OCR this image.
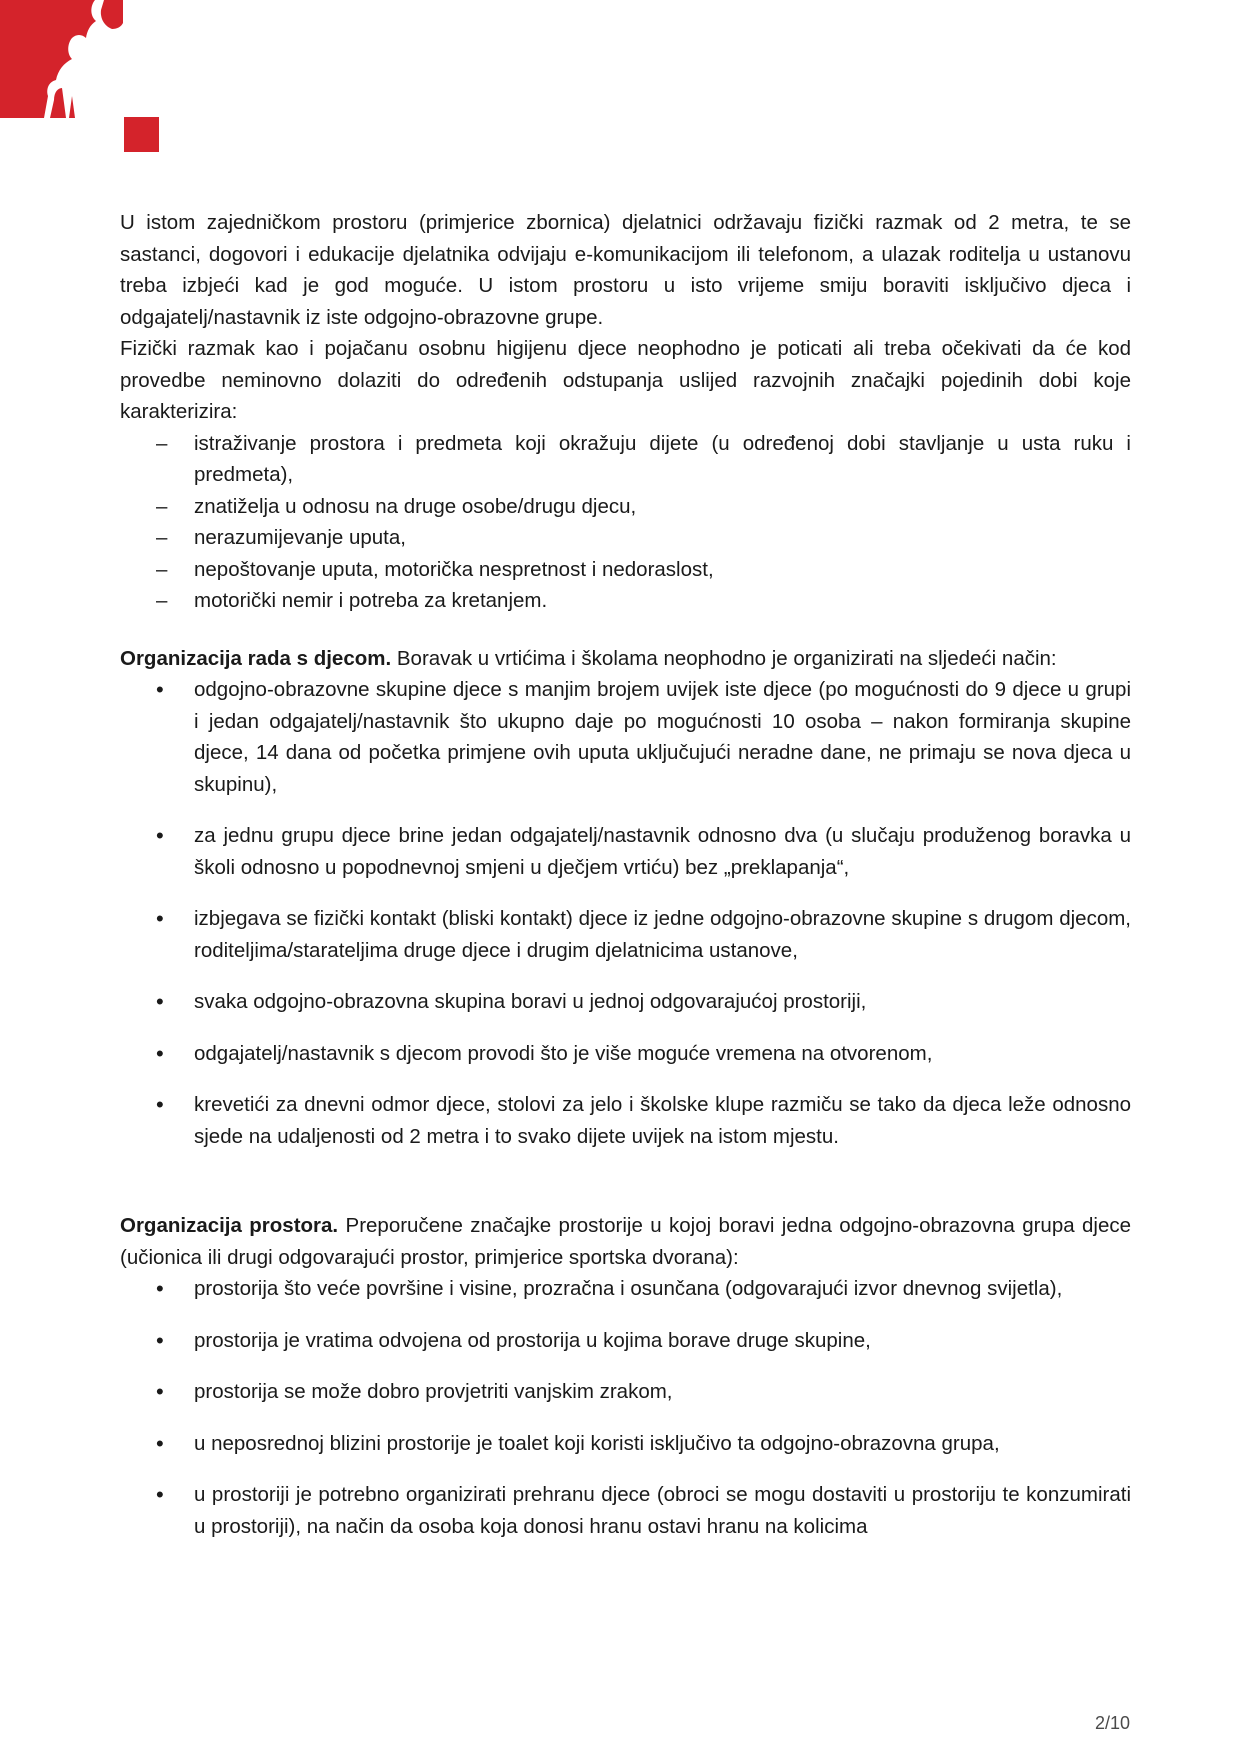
U istom zajedničkom prostoru (primjerice zbornica) djelatnici održavaju fizički razmak od 2 metra, te se sastanci, dogovori i edukacije djelatnika odvijaju e-komunikacijom ili telefonom, a ulazak roditelja u ustanovu treba izbjeći kad je god moguće. U istom prostoru u isto vrijeme smiju boraviti isključivo djeca i odgajatelj/nastavnik iz iste odgojno-obrazovne grupe.

Fizički razmak kao i pojačanu osobnu higijenu djece neophodno je poticati ali treba očekivati da će kod provedbe neminovno dolaziti do određenih odstupanja uslijed razvojnih značajki pojedinih dobi koje karakterizira:

– istraživanje prostora i predmeta koji okražuju dijete (u određenoj dobi stavljanje u usta ruku i predmeta),
– znatiželja u odnosu na druge osobe/drugu djecu,
– nerazumijevanje uputa,
– nepoštovanje uputa, motorička nespretnost i nedoraslost,
– motorički nemir i potreba za kretanjem.

Organizacija rada s djecom. Boravak u vrtićima i školama neophodno je organizirati na sljedeći način:

• odgojno-obrazovne skupine djece s manjim brojem uvijek iste djece (po mogućnosti do 9 djece u grupi i jedan odgajatelj/nastavnik što ukupno daje po mogućnosti 10 osoba – nakon formiranja skupine djece, 14 dana od početka primjene ovih uputa uključujući neradne dane, ne primaju se nova djeca u skupinu),
• za jednu grupu djece brine jedan odgajatelj/nastavnik odnosno dva (u slučaju produženog boravka u školi odnosno u popodnevnoj smjeni u dječjem vrtiću) bez „preklapanja“,
• izbjegava se fizički kontakt (bliski kontakt) djece iz jedne odgojno-obrazovne skupine s drugom djecom, roditeljima/starateljima druge djece i drugim djelatnicima ustanove,
• svaka odgojno-obrazovna skupina boravi u jednoj odgovarajućoj prostoriji,
• odgajatelj/nastavnik s djecom provodi što je više moguće vremena na otvorenom,
• krevetići za dnevni odmor djece, stolovi za jelo i školske klupe razmiču se tako da djeca leže odnosno sjede na udaljenosti od 2 metra i to svako dijete uvijek na istom mjestu.

Organizacija prostora. Preporučene značajke prostorije u kojoj boravi jedna odgojno-obrazovna grupa djece (učionica ili drugi odgovarajući prostor, primjerice sportska dvorana):

• prostorija što veće površine i visine, prozračna i osunčana (odgovarajući izvor dnevnog svijetla),
• prostorija je vratima odvojena od prostorija u kojima borave druge skupine,
• prostorija se može dobro provjetriti vanjskim zrakom,
• u neposrednoj blizini prostorije je toalet koji koristi isključivo ta odgojno-obrazovna grupa,
• u prostoriji je potrebno organizirati prehranu djece (obroci se mogu dostaviti u prostoriju te konzumirati u prostoriji), na način da osoba koja donosi hranu ostavi hranu na kolicima
2/10
